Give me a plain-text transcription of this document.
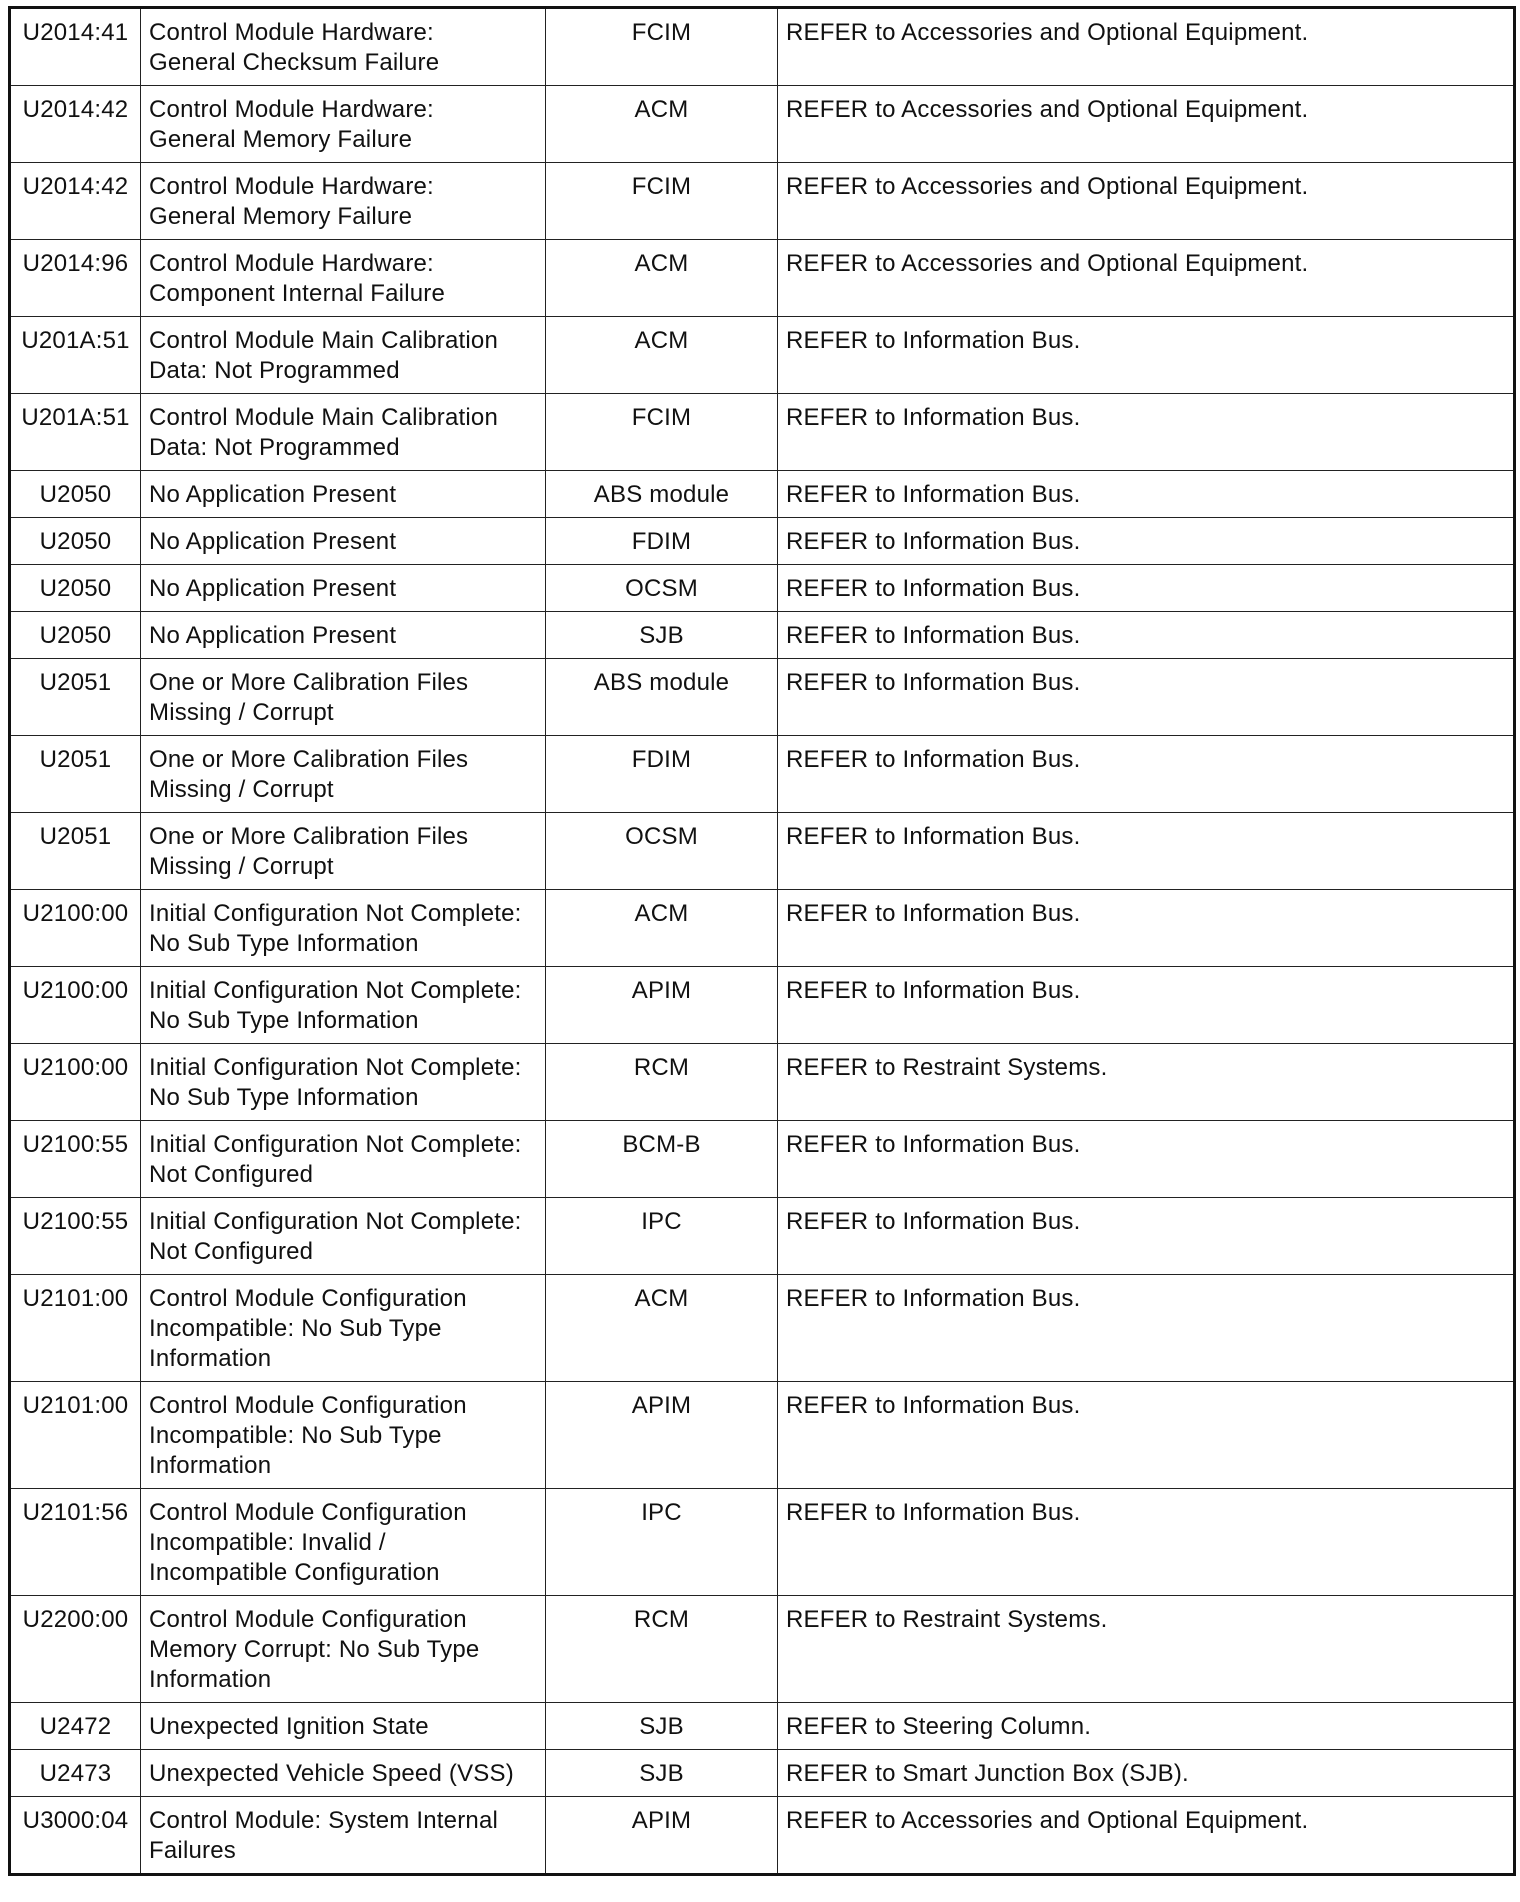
U2014:41	Control Module Hardware:
General Checksum Failure	FCIM	REFER to Accessories and Optional Equipment.
U2014:42	Control Module Hardware:
General Memory Failure	ACM	REFER to Accessories and Optional Equipment.
U2014:42	Control Module Hardware:
General Memory Failure	FCIM	REFER to Accessories and Optional Equipment.
U2014:96	Control Module Hardware:
Component Internal Failure	ACM	REFER to Accessories and Optional Equipment.
U201A:51	Control Module Main Calibration
Data: Not Programmed	ACM	REFER to Information Bus.
U201A:51	Control Module Main Calibration
Data: Not Programmed	FCIM	REFER to Information Bus.
U2050	No Application Present	ABS module	REFER to Information Bus.
U2050	No Application Present	FDIM	REFER to Information Bus.
U2050	No Application Present	OCSM	REFER to Information Bus.
U2050	No Application Present	SJB	REFER to Information Bus.
U2051	One or More Calibration Files
Missing / Corrupt	ABS module	REFER to Information Bus.
U2051	One or More Calibration Files
Missing / Corrupt	FDIM	REFER to Information Bus.
U2051	One or More Calibration Files
Missing / Corrupt	OCSM	REFER to Information Bus.
U2100:00	Initial Configuration Not Complete:
No Sub Type Information	ACM	REFER to Information Bus.
U2100:00	Initial Configuration Not Complete:
No Sub Type Information	APIM	REFER to Information Bus.
U2100:00	Initial Configuration Not Complete:
No Sub Type Information	RCM	REFER to Restraint Systems.
U2100:55	Initial Configuration Not Complete:
Not Configured	BCM-B	REFER to Information Bus.
U2100:55	Initial Configuration Not Complete:
Not Configured	IPC	REFER to Information Bus.
U2101:00	Control Module Configuration
Incompatible: No Sub Type
Information	ACM	REFER to Information Bus.
U2101:00	Control Module Configuration
Incompatible: No Sub Type
Information	APIM	REFER to Information Bus.
U2101:56	Control Module Configuration
Incompatible: Invalid /
Incompatible Configuration	IPC	REFER to Information Bus.
U2200:00	Control Module Configuration
Memory Corrupt: No Sub Type
Information	RCM	REFER to Restraint Systems.
U2472	Unexpected Ignition State	SJB	REFER to Steering Column.
U2473	Unexpected Vehicle Speed (VSS)	SJB	REFER to Smart Junction Box (SJB).
U3000:04	Control Module: System Internal
Failures	APIM	REFER to Accessories and Optional Equipment.
